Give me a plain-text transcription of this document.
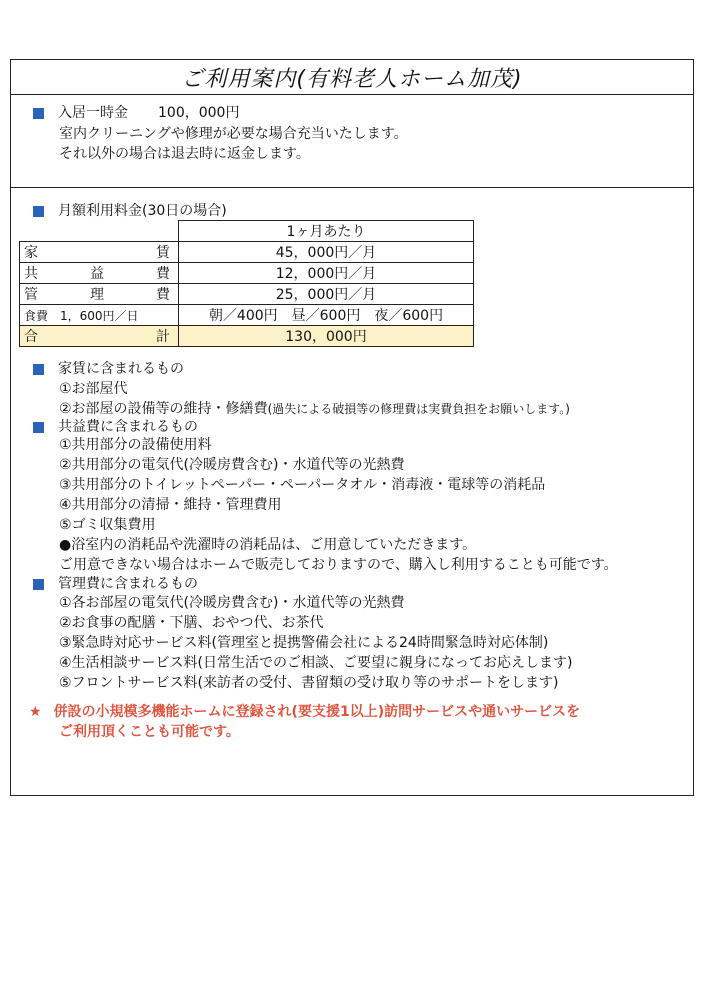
ご利用案内(有料老人ホーム加茂)
入居一時金 100，000円
室内クリーニングや修理が必要な場合充当いたします。
それ以外の場合は退去時に返金します。
月額利用料金(30日の場合)
	1ヶ月あたり

家 賃	45，000円／月

共 益 費	12，000円／月

管 理 費	25，000円／月
食費　1，600円／日	朝／400円　昼／600円　夜／600円

合 計	130，000円
家賃に含まれるもの
①お部屋代
②お部屋の設備等の維持・修繕費(過失による破損等の修理費は実費負担をお願いします。)
共益費に含まれるもの
①共用部分の設備使用料
②共用部分の電気代(冷暖房費含む)・水道代等の光熱費
③共用部分のトイレットペーパー・ペーパータオル・消毒液・電球等の消耗品
④共用部分の清掃・維持・管理費用
⑤ゴミ収集費用
●浴室内の消耗品や洗濯時の消耗品は、ご用意していただきます。
ご用意できない場合はホームで販売しておりますので、購入し利用することも可能です。
管理費に含まれるもの
①各お部屋の電気代(冷暖房費含む)・水道代等の光熱費
②お食事の配膳・下膳、おやつ代、お茶代
③緊急時対応サービス料(管理室と提携警備会社による24時間緊急時対応体制)
④生活相談サービス料(日常生活でのご相談、ご要望に親身になってお応えします)
⑤フロントサービス料(来訪者の受付、書留類の受け取り等のサポートをします)
★ 併設の小規模多機能ホームに登録され(要支援1以上)訪問サービスや通いサービスを
ご利用頂くことも可能です。
